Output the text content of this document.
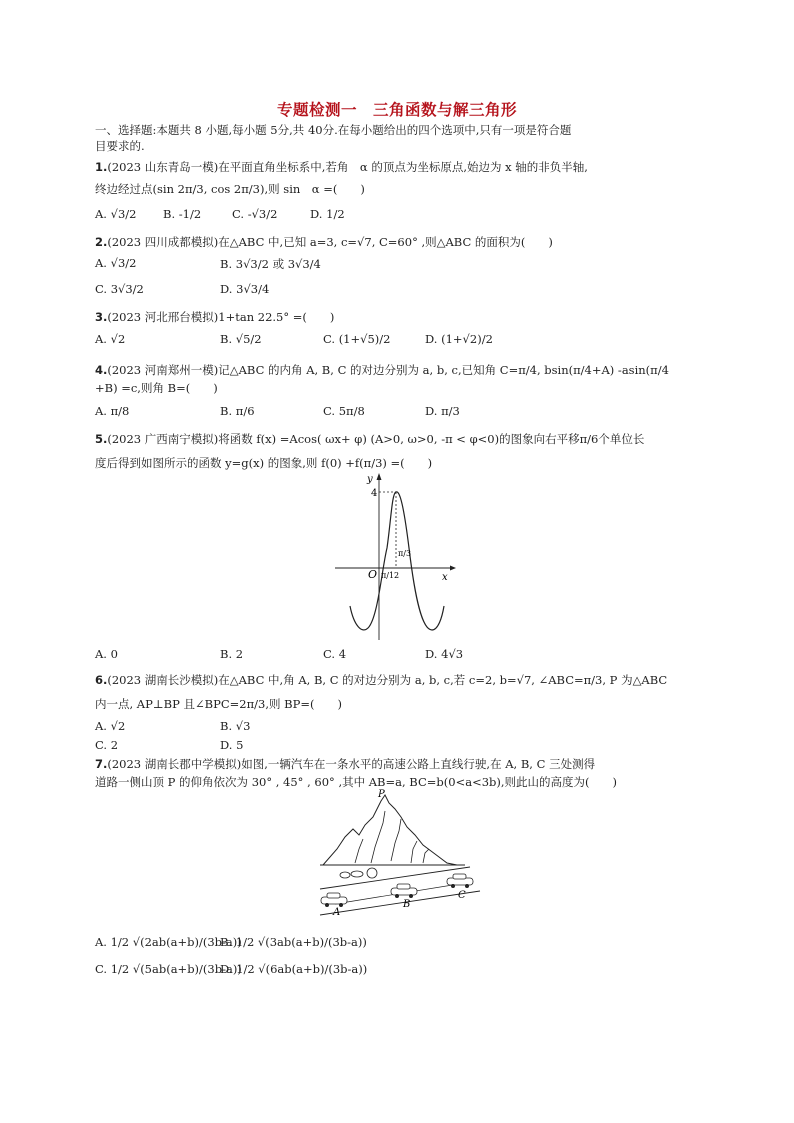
专题检测一　三角函数与解三角形
一、选择题:本题共 8 小题,每小题 5分,共 40分.在每小题给出的四个选项中,只有一项是符合题
目要求的.
1.(2023 山东青岛一模)在平面直角坐标系中,若角　α 的顶点为坐标原点,始边为 x 轴的非负半轴,
终边经过点(sin 2π/3, cos 2π/3),则 sin　α =(　　)
A. √3/2 B. -1/2	C. -√3/2	D. 1/2
2.(2023 四川成都模拟)在△ABC 中,已知 a=3, c=√7, C=60° ,则△ABC 的面积为(　　)
A. √3/2	B. 3√3/2 或 3√3/4
C. 3√3/2	D. 3√3/4
3.(2023 河北邢台模拟)1+tan 22.5° =(　　)
A. √2	B. √5/2	C. (1+√5)/2	D. (1+√2)/2
4.(2023 河南郑州一模)记△ABC 的内角 A, B, C 的对边分别为 a, b, c,已知角 C=π/4, bsin(π/4+A) -asin(π/4
+B) =c,则角 B=(　　)
A. π/8	B. π/6	C. 5π/8	D. π/3
5.(2023 广西南宁模拟)将函数 f(x) =Acos( ωx+ φ) (A>0, ω>0, -π < φ<0)的图象向右平移π/6个单位长
度后得到如图所示的函数 y=g(x) 的图象,则 f(0) +f(π/3) =(　　)
y
x
O
4
π/12
π/3
A. 0	B. 2	C. 4	D. 4√3
6.(2023 湖南长沙模拟)在△ABC 中,角 A, B, C 的对边分别为 a, b, c,若 c=2, b=√7, ∠ABC=π/3, P 为△ABC
内一点, AP⊥BP 且∠BPC=2π/3,则 BP=(　　)
A. √2	B. √3
C. 2	D. 5
7.(2023 湖南长郡中学模拟)如图,一辆汽车在一条水平的高速公路上直线行驶,在 A, B, C 三处测得
道路一侧山顶 P 的仰角依次为 30° , 45° , 60° ,其中 AB=a, BC=b(0<a<3b),则此山的高度为(　　)
P
A
B
C
A. 1/2 √(2ab(a+b)/(3b-a))
B. 1/2 √(3ab(a+b)/(3b-a))
C. 1/2 √(5ab(a+b)/(3b-a))
D. 1/2 √(6ab(a+b)/(3b-a))
